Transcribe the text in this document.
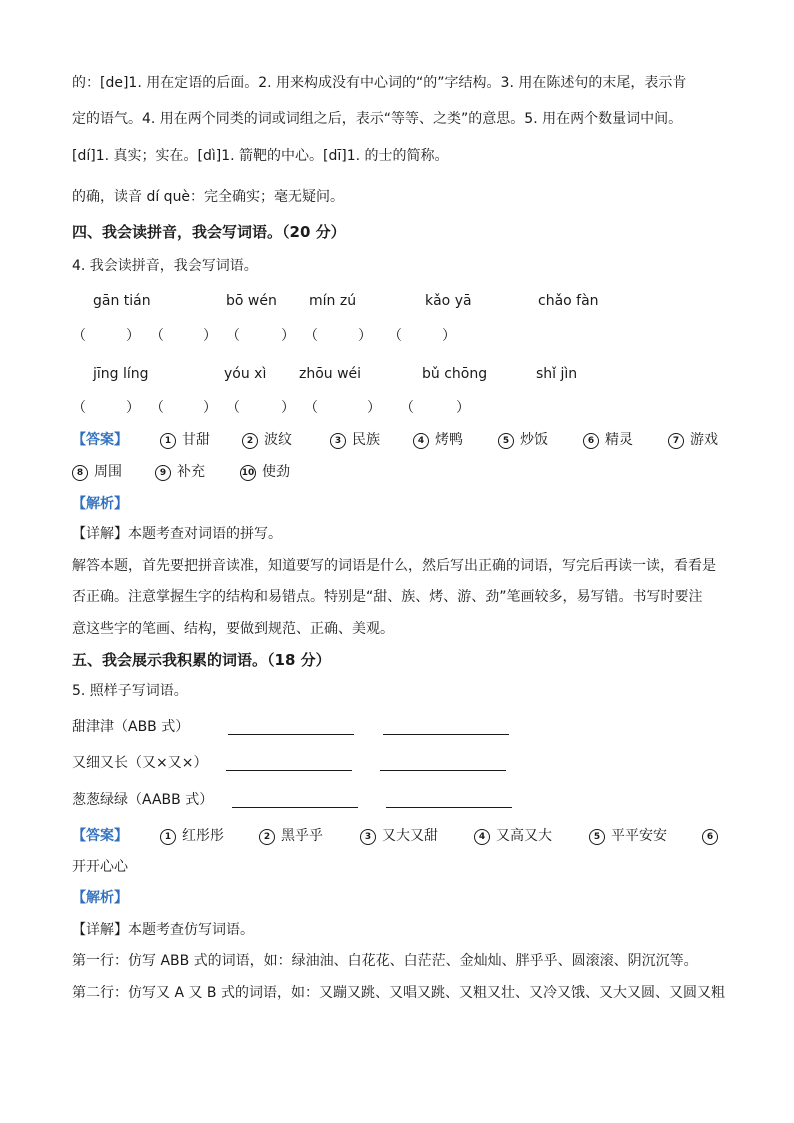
的：[de]1. 用在定语的后面。2. 用来构成没有中心词的“的”字结构。3. 用在陈述句的末尾，表示肯
定的语气。4. 用在两个同类的词或词组之后，表示“等等、之类”的意思。5. 用在两个数量词中间。
[dí]1. 真实；实在。[dì]1. 箭靶的中心。[dī]1. 的士的简称。
的确，读音 dí què：完全确实；毫无疑问。
四、我会读拼音，我会写词语。（20 分）
4. 我会读拼音，我会写词语。
gān tián	bō wén mín zú	kǎo yā	chǎo fàn
（	） （	） （	） （	） （	）
jīng líng	yóu xì zhōu wéi	bǔ chōng	shǐ jìn
（	） （	） （	） （	） （	）
【答案】	1 甘甜	2 波纹	3 民族	4 烤鸭	5 炒饭	6 精灵	7 游戏
8 周围	9 补充	10 使劲
【解析】
【详解】本题考查对词语的拼写。
解答本题，首先要把拼音读准，知道要写的词语是什么，然后写出正确的词语，写完后再读一读，看看是
否正确。注意掌握生字的结构和易错点。特别是“甜、族、烤、游、劲”笔画较多，易写错。书写时要注
意这些字的笔画、结构，要做到规范、正确、美观。
五、我会展示我积累的词语。（18 分）
5. 照样子写词语。
甜津津（ABB 式）
又细又长（又×又×）
葱葱绿绿（AABB 式）
【答案】	1 红彤彤	2 黑乎乎	3 又大又甜	4 又高又大	5 平平安安	6
开开心心
【解析】
【详解】本题考查仿写词语。
第一行：仿写 ABB 式的词语，如：绿油油、白花花、白茫茫、金灿灿、胖乎乎、圆滚滚、阴沉沉等。
第二行：仿写又 A 又 B 式的词语，如：又蹦又跳、又唱又跳、又粗又壮、又冷又饿、又大又圆、又圆又粗
